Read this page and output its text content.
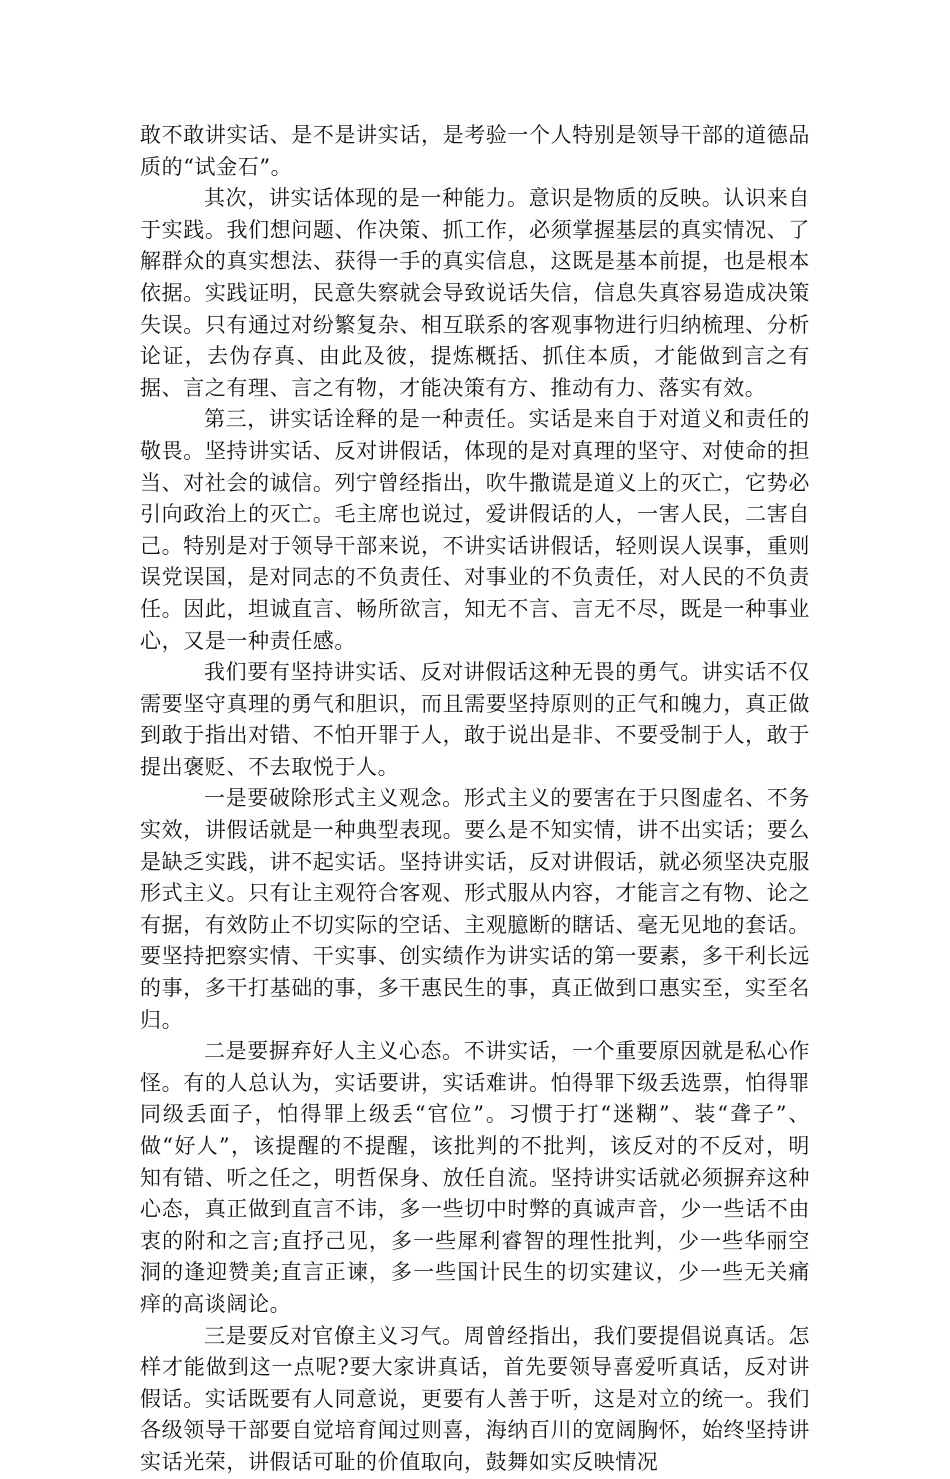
敢不敢讲实话、是不是讲实话，是考验一个人特别是领导干部的道德品质的“试金石”。

其次，讲实话体现的是一种能力。意识是物质的反映。认识来自于实践。我们想问题、作决策、抓工作，必须掌握基层的真实情况、了解群众的真实想法、获得一手的真实信息，这既是基本前提，也是根本依据。实践证明，民意失察就会导致说话失信，信息失真容易造成决策失误。只有通过对纷繁复杂、相互联系的客观事物进行归纳梳理、分析论证，去伪存真、由此及彼，提炼概括、抓住本质，才能做到言之有据、言之有理、言之有物，才能决策有方、推动有力、落实有效。

第三，讲实话诠释的是一种责任。实话是来自于对道义和责任的敬畏。坚持讲实话、反对讲假话，体现的是对真理的坚守、对使命的担当、对社会的诚信。列宁曾经指出，吹牛撒谎是道义上的灭亡，它势必引向政治上的灭亡。毛主席也说过，爱讲假话的人，一害人民，二害自己。特别是对于领导干部来说，不讲实话讲假话，轻则误人误事，重则误党误国，是对同志的不负责任、对事业的不负责任，对人民的不负责任。因此，坦诚直言、畅所欲言，知无不言、言无不尽，既是一种事业心，又是一种责任感。

我们要有坚持讲实话、反对讲假话这种无畏的勇气。讲实话不仅需要坚守真理的勇气和胆识，而且需要坚持原则的正气和魄力，真正做到敢于指出对错、不怕开罪于人，敢于说出是非、不要受制于人，敢于提出褒贬、不去取悦于人。

一是要破除形式主义观念。形式主义的要害在于只图虚名、不务实效，讲假话就是一种典型表现。要么是不知实情，讲不出实话；要么是缺乏实践，讲不起实话。坚持讲实话，反对讲假话，就必须坚决克服形式主义。只有让主观符合客观、形式服从内容，才能言之有物、论之有据，有效防止不切实际的空话、主观臆断的瞎话、毫无见地的套话。要坚持把察实情、干实事、创实绩作为讲实话的第一要素，多干利长远的事，多干打基础的事，多干惠民生的事，真正做到口惠实至，实至名归。

二是要摒弃好人主义心态。不讲实话，一个重要原因就是私心作怪。有的人总认为，实话要讲，实话难讲。怕得罪下级丢选票，怕得罪同级丢面子，怕得罪上级丢“官位”。习惯于打“迷糊”、装“聋子”、做“好人”，该提醒的不提醒，该批判的不批判，该反对的不反对，明知有错、听之任之，明哲保身、放任自流。坚持讲实话就必须摒弃这种心态，真正做到直言不讳，多一些切中时弊的真诚声音，少一些话不由衷的附和之言;直抒己见，多一些犀利睿智的理性批判，少一些华丽空洞的逢迎赞美;直言正谏，多一些国计民生的切实建议，少一些无关痛痒的高谈阔论。

三是要反对官僚主义习气。周曾经指出，我们要提倡说真话。怎样才能做到这一点呢?要大家讲真话，首先要领导喜爱听真话，反对讲假话。实话既要有人同意说，更要有人善于听，这是对立的统一。我们各级领导干部要自觉培育闻过则喜，海纳百川的宽阔胸怀，始终坚持讲实话光荣，讲假话可耻的价值取向，鼓舞如实反映情况
